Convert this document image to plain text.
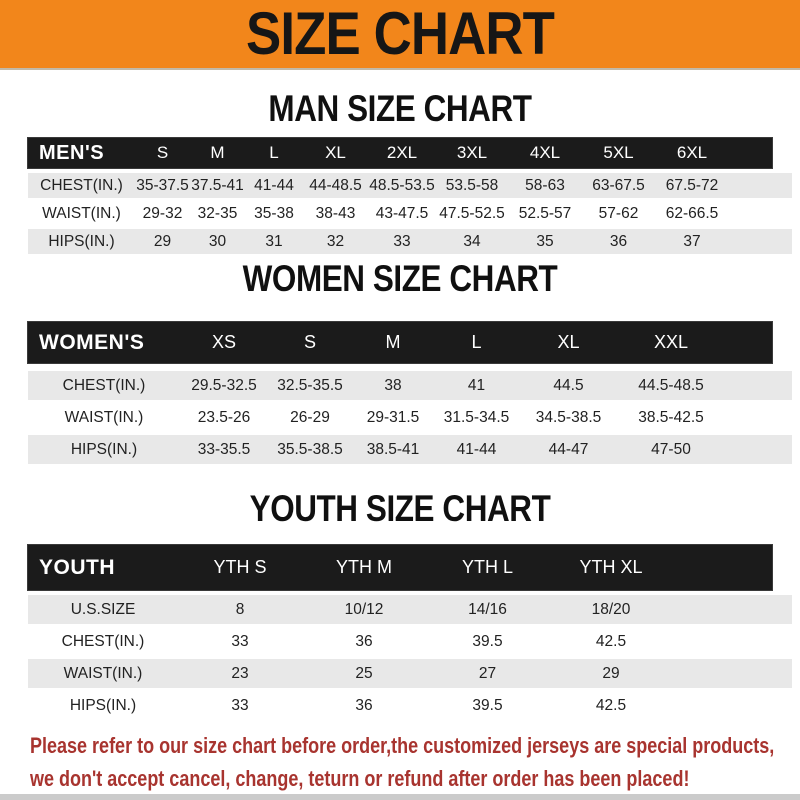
SIZE CHART
MAN SIZE CHART
MEN'S	S	M	L	XL	2XL	3XL	4XL	5XL	6XL
CHEST(IN.) 35-37.5 37.5-41 41-44 44-48.5 48.5-53.5 53.5-58	58-63	63-67.5	67.5-72
WAIST(IN.)	29-32 32-35	35-38	38-43	43-47.5 47.5-52.5 52.5-57	57-62	62-66.5
HIPS(IN.)	29	30	31	32	33	34	35	36	37
WOMEN SIZE CHART
WOMEN'S	XS	S	M	L	XL	XXL
CHEST(IN.)	29.5-32.5	32.5-35.5	38	41	44.5	44.5-48.5
WAIST(IN.)	23.5-26	26-29	29-31.5	31.5-34.5	34.5-38.5	38.5-42.5
HIPS(IN.)	33-35.5	35.5-38.5	38.5-41	41-44	44-47	47-50
YOUTH SIZE CHART
YOUTH	YTH S	YTH M	YTH L	YTH XL
U.S.SIZE	8	10/12	14/16	18/20
CHEST(IN.)	33	36	39.5	42.5
WAIST(IN.)	23	25	27	29
HIPS(IN.)	33	36	39.5	42.5
Please refer to our size chart before order,the customized jerseys are special products,
we don't accept cancel, change, teturn or refund after order has been placed!
